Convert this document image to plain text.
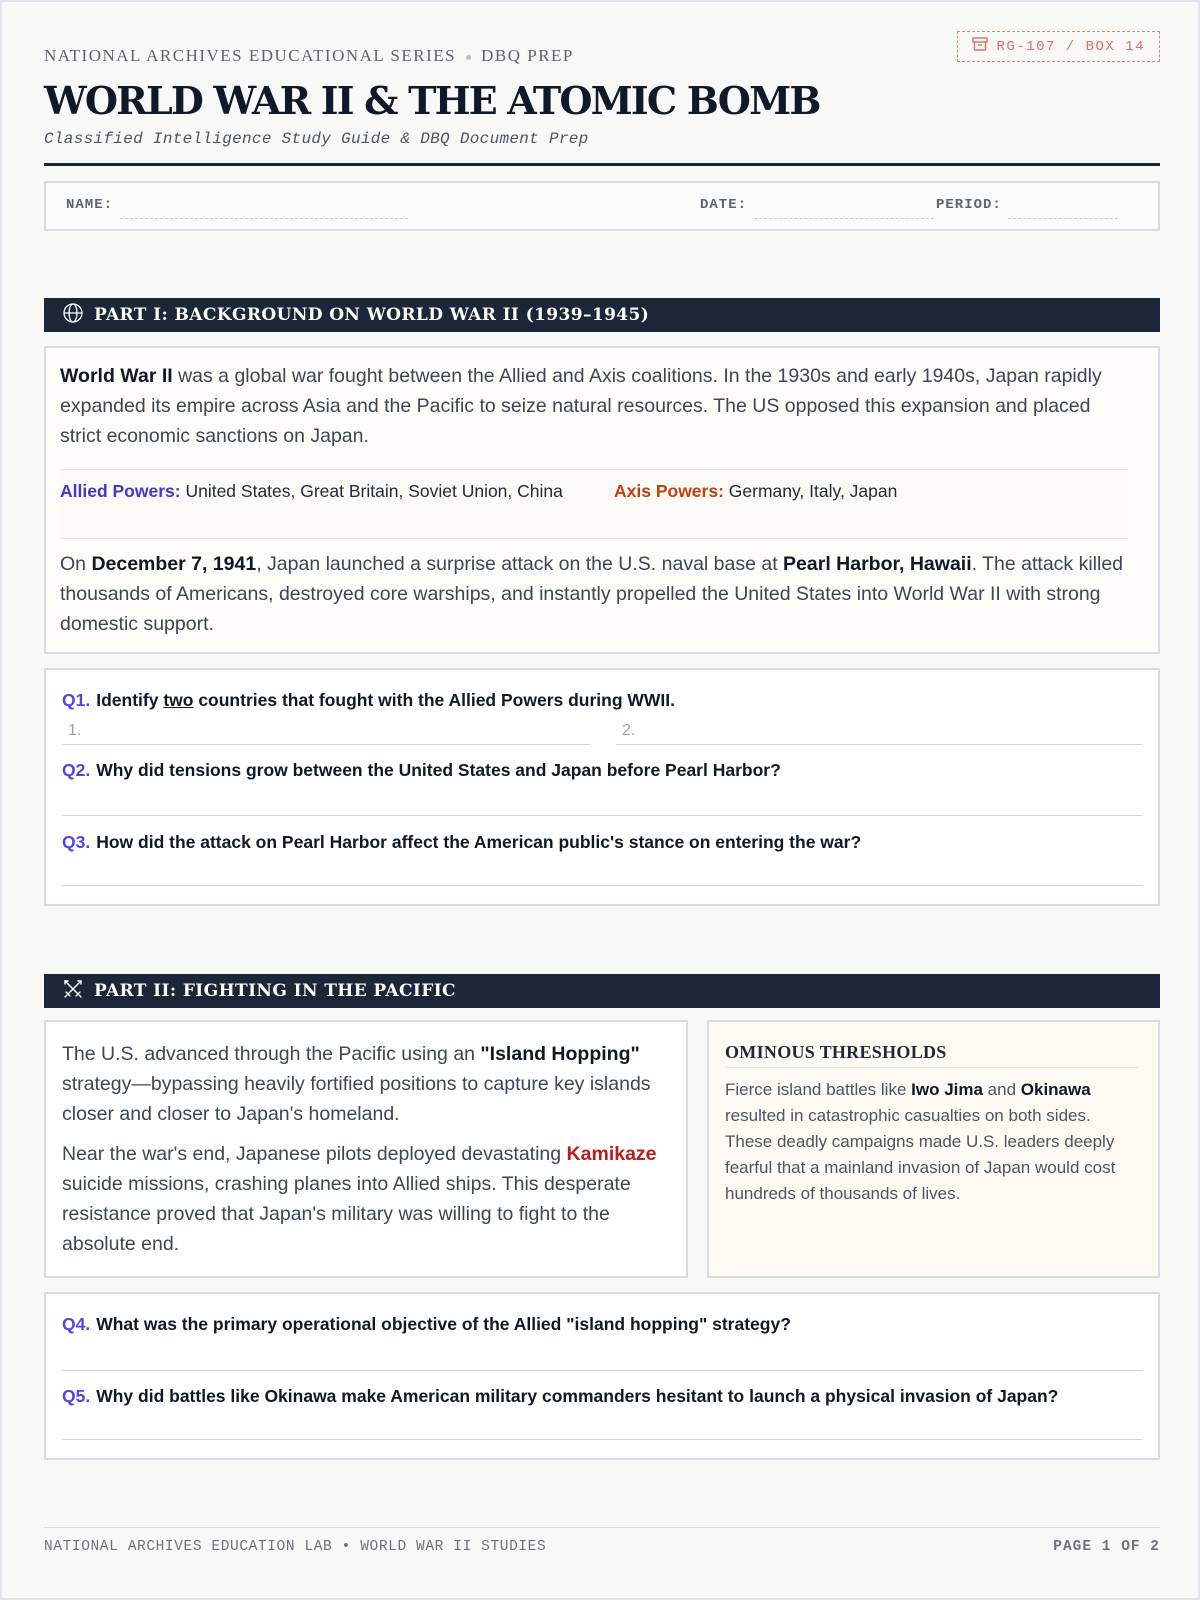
NATIONAL ARCHIVES EDUCATIONAL SERIES DBQ PREP	RG-107 / BOX 14
WORLD WAR II & THE ATOMIC BOMB
Classified Intelligence Study Guide & DBQ Document Prep
NAME:	DATE:	PERIOD:
PART I: BACKGROUND ON WORLD WAR II (1939–1945)
World War II was a global war fought between the Allied and Axis coalitions. In the 1930s and early 1940s, Japan rapidly expanded its empire across Asia and the Pacific to seize natural resources. The US opposed this expansion and placed strict economic sanctions on Japan.
Allied Powers: United States, Great Britain, Soviet Union, China	Axis Powers: Germany, Italy, Japan
On December 7, 1941, Japan launched a surprise attack on the U.S. naval base at Pearl Harbor, Hawaii. The attack killed thousands of Americans, destroyed core warships, and instantly propelled the United States into World War II with strong domestic support.
Q1. Identify two countries that fought with the Allied Powers during WWII.
1.	2.
Q2. Why did tensions grow between the United States and Japan before Pearl Harbor?
Q3. How did the attack on Pearl Harbor affect the American public's stance on entering the war?
PART II: FIGHTING IN THE PACIFIC
The U.S. advanced through the Pacific using an "Island Hopping" strategy—bypassing heavily fortified positions to capture key islands closer and closer to Japan's homeland.
Near the war's end, Japanese pilots deployed devastating Kamikaze suicide missions, crashing planes into Allied ships. This desperate resistance proved that Japan's military was willing to fight to the absolute end.
OMINOUS THRESHOLDS
Fierce island battles like Iwo Jima and Okinawa resulted in catastrophic casualties on both sides. These deadly campaigns made U.S. leaders deeply fearful that a mainland invasion of Japan would cost hundreds of thousands of lives.
Q4. What was the primary operational objective of the Allied "island hopping" strategy?
Q5. Why did battles like Okinawa make American military commanders hesitant to launch a physical invasion of Japan?
NATIONAL ARCHIVES EDUCATION LAB • WORLD WAR II STUDIES	PAGE 1 OF 2
